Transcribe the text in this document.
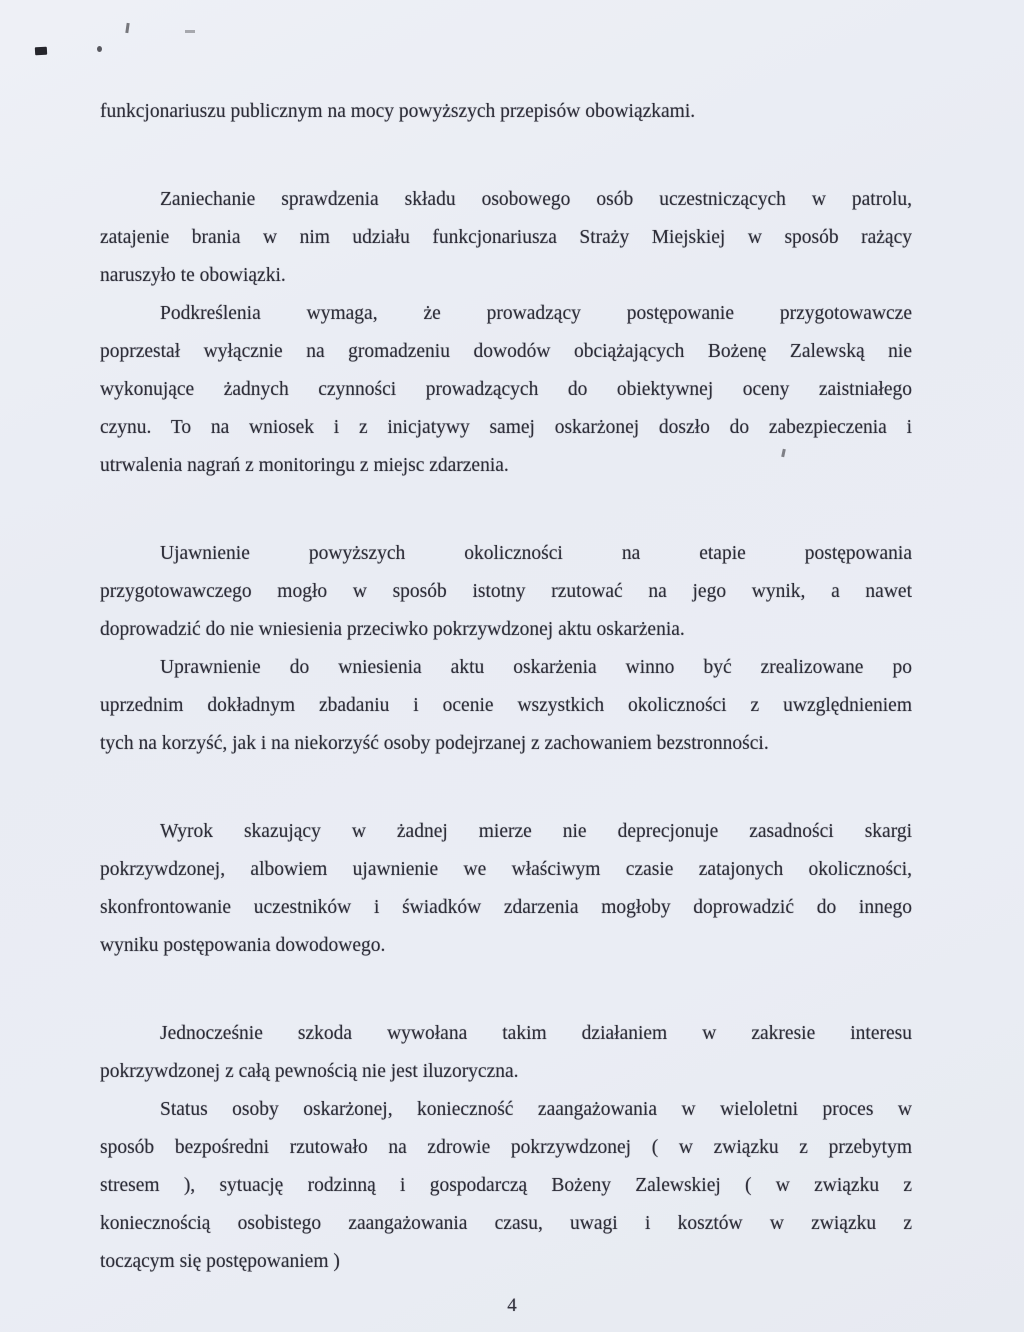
funkcjonariuszu publicznym na mocy powyższych przepisów obowiązkami.
Zaniechanie sprawdzenia składu osobowego osób uczestniczących w patrolu,
zatajenie brania w nim udziału funkcjonariusza Straży Miejskiej w sposób rażący
naruszyło te obowiązki.
Podkreślenia wymaga, że prowadzący postępowanie przygotowawcze
poprzestał wyłącznie na gromadzeniu dowodów obciążających Bożenę Zalewską nie
wykonujące żadnych czynności prowadzących do obiektywnej oceny zaistniałego
czynu. To na wniosek i z inicjatywy samej oskarżonej doszło do zabezpieczenia i
utrwalenia nagrań z monitoringu z miejsc zdarzenia.
Ujawnienie powyższych okoliczności na etapie postępowania
przygotowawczego mogło w sposób istotny rzutować na jego wynik, a nawet
doprowadzić do nie wniesienia przeciwko pokrzywdzonej aktu oskarżenia.
Uprawnienie do wniesienia aktu oskarżenia winno być zrealizowane po
uprzednim dokładnym zbadaniu i ocenie wszystkich okoliczności z uwzględnieniem
tych na korzyść, jak i na niekorzyść osoby podejrzanej z zachowaniem bezstronności.
Wyrok skazujący w żadnej mierze nie deprecjonuje zasadności skargi
pokrzywdzonej, albowiem ujawnienie we właściwym czasie zatajonych okoliczności,
skonfrontowanie uczestników i świadków zdarzenia mogłoby doprowadzić do innego
wyniku postępowania dowodowego.
Jednocześnie szkoda wywołana takim działaniem w zakresie interesu
pokrzywdzonej z całą pewnością nie jest iluzoryczna.
Status osoby oskarżonej, konieczność zaangażowania w wieloletni proces w
sposób bezpośredni rzutowało na zdrowie pokrzywdzonej ( w związku z przebytym
stresem ), sytuację rodzinną i gospodarczą Bożeny Zalewskiej ( w związku z
koniecznością osobistego zaangażowania czasu, uwagi i kosztów w związku z
toczącym się postępowaniem )
4
